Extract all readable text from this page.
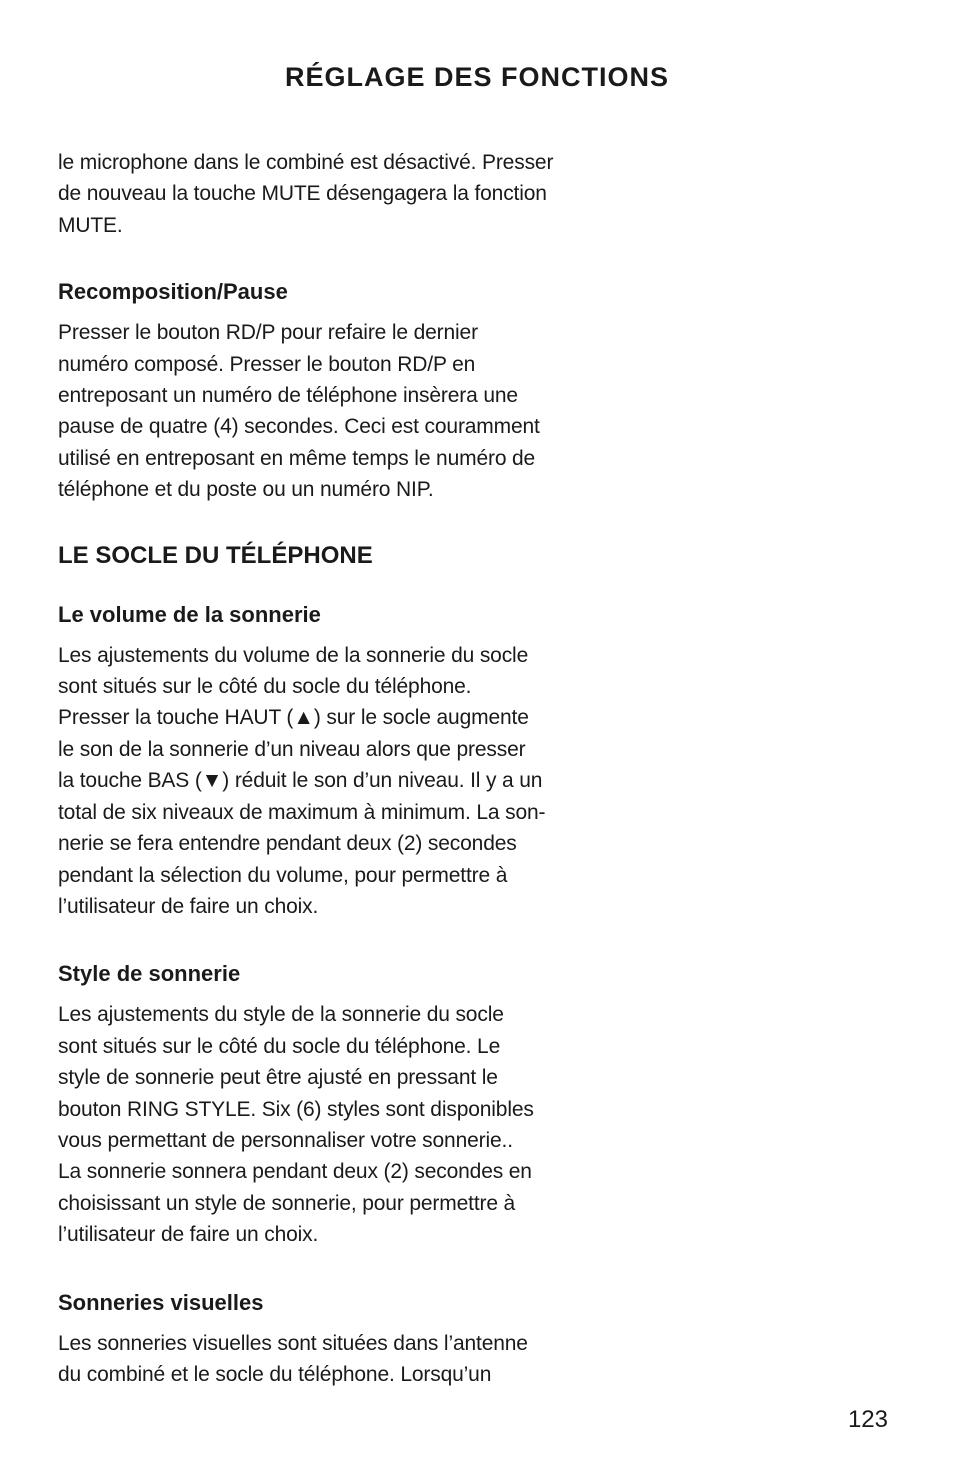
RÉGLAGE DES FONCTIONS

le microphone dans le combiné est désactivé. Presser
de nouveau la touche MUTE désengagera la fonction
MUTE.

Recomposition/Pause

Presser le bouton RD/P pour refaire le dernier
numéro composé. Presser le bouton RD/P en
entreposant un numéro de téléphone insèrera une
pause de quatre (4) secondes. Ceci est couramment
utilisé en entreposant en même temps le numéro de
téléphone et du poste ou un numéro NIP.

LE SOCLE DU TÉLÉPHONE
Le volume de la sonnerie

Les ajustements du volume de la sonnerie du socle
sont situés sur le côté du socle du téléphone.
Presser la touche HAUT (▲) sur le socle augmente
le son de la sonnerie d’un niveau alors que presser
la touche BAS (▼) réduit le son d’un niveau. Il y a un
total de six niveaux de maximum à minimum. La son-
nerie se fera entendre pendant deux (2) secondes
pendant la sélection du volume, pour permettre à
l’utilisateur de faire un choix.

Style de sonnerie

Les ajustements du style de la sonnerie du socle
sont situés sur le côté du socle du téléphone. Le
style de sonnerie peut être ajusté en pressant le
bouton RING STYLE. Six (6) styles sont disponibles
vous permettant de personnaliser votre sonnerie..
La sonnerie sonnera pendant deux (2) secondes en
choisissant un style de sonnerie, pour permettre à
l’utilisateur de faire un choix.

Sonneries visuelles

Les sonneries visuelles sont situées dans l’antenne
du combiné et le socle du téléphone. Lorsqu’un

123
